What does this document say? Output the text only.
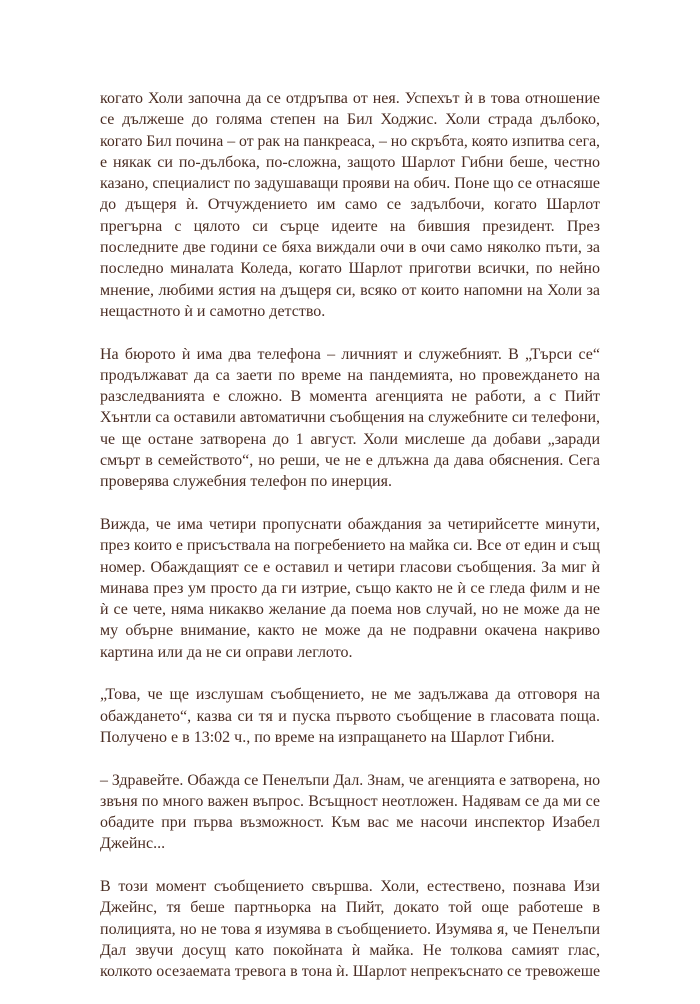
когато Холи започна да се отдръпва от нея. Успехът ѝ в това отношение
се дължеше до голяма степен на Бил Ходжис. Холи страда дълбоко,
когато Бил почина – от рак на панкреаса, – но скръбта, която изпитва сега,
е някак си по-дълбока, по-сложна, защото Шарлот Гибни беше, честно
казано, специалист по задушаващи прояви на обич. Поне що се отнасяше
до дъщеря ѝ. Отчуждението им само се задълбочи, когато Шарлот
прегърна с цялото си сърце идеите на бившия президент. През
последните две години се бяха виждали очи в очи само няколко пъти, за
последно миналата Коледа, когато Шарлот приготви всички, по нейно
мнение, любими ястия на дъщеря си, всяко от които напомни на Холи за
нещастното ѝ и самотно детство.
На бюрото ѝ има два телефона – личният и служебният. В „Търси се“
продължават да са заети по време на пандемията, но провеждането на
разследванията е сложно. В момента агенцията не работи, а с Пийт
Хънтли са оставили автоматични съобщения на служебните си телефони,
че ще остане затворена до 1 август. Холи мислеше да добави „заради
смърт в семейството“, но реши, че не е длъжна да дава обяснения. Сега
проверява служебния телефон по инерция.
Вижда, че има четири пропуснати обаждания за четирийсетте минути,
през които е присъствала на погребението на майка си. Все от един и същ
номер. Обаждащият се е оставил и четири гласови съобщения. За миг ѝ
минава през ум просто да ги изтрие, също както не ѝ се гледа филм и не
ѝ се чете, няма никакво желание да поема нов случай, но не може да не
му обърне внимание, както не може да не подравни окачена накриво
картина или да не си оправи леглото.
„Това, че ще изслушам съобщението, не ме задължава да отговоря на
обаждането“, казва си тя и пуска първото съобщение в гласовата поща.
Получено е в 13:02 ч., по време на изпращането на Шарлот Гибни.
– Здравейте. Обажда се Пенелъпи Дал. Знам, че агенцията е затворена, но
звъня по много важен въпрос. Всъщност неотложен. Надявам се да ми се
обадите при първа възможност. Към вас ме насочи инспектор Изабел
Джейнс...
В този момент съобщението свършва. Холи, естествено, познава Изи
Джейнс, тя беше партньорка на Пийт, докато той още работеше в
полицията, но не това я изумява в съобщението. Изумява я, че Пенелъпи
Дал звучи досущ като покойната ѝ майка. Не толкова самият глас,
колкото осезаемата тревога в тона ѝ. Шарлот непрекъснато се тревожеше
